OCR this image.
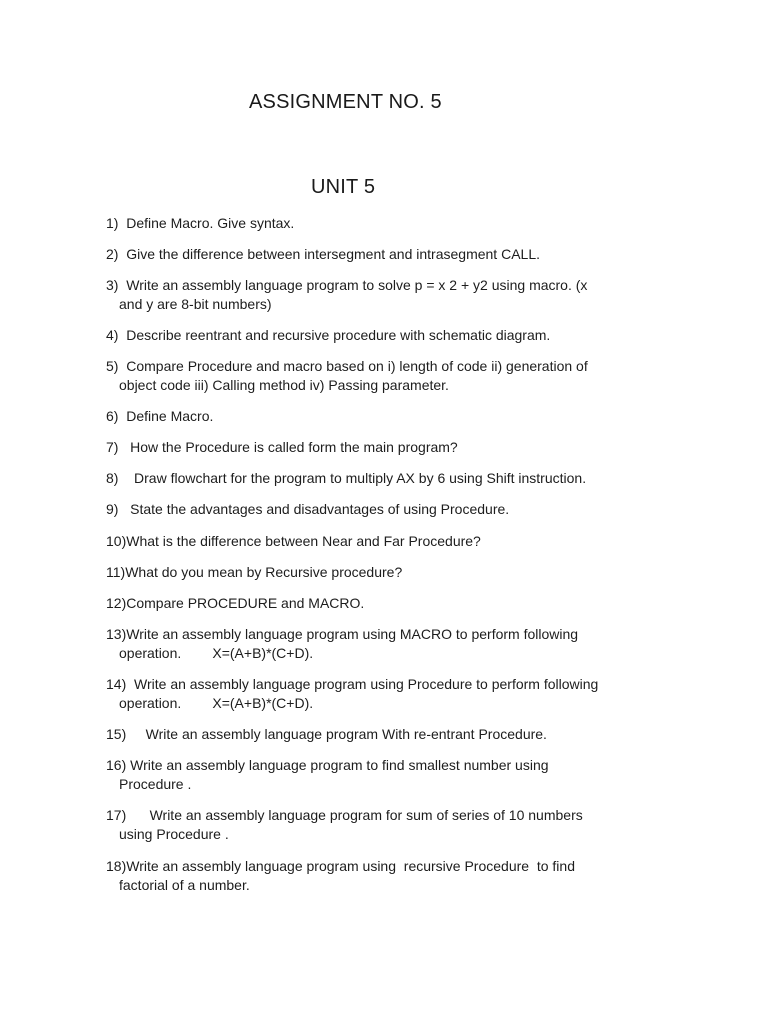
ASSIGNMENT NO. 5
UNIT 5
1)  Define Macro. Give syntax.
2)  Give the difference between intersegment and intrasegment CALL.
3)  Write an assembly language program to solve p = x 2 + y2 using macro. (x
and y are 8-bit numbers)
4)  Describe reentrant and recursive procedure with schematic diagram.
5)  Compare Procedure and macro based on i) length of code ii) generation of
object code iii) Calling method iv) Passing parameter.
6)  Define Macro.
7)   How the Procedure is called form the main program?
8)    Draw flowchart for the program to multiply AX by 6 using Shift instruction.
9)   State the advantages and disadvantages of using Procedure.
10)What is the difference between Near and Far Procedure?
11)What do you mean by Recursive procedure?
12)Compare PROCEDURE and MACRO.
13)Write an assembly language program using MACRO to perform following
operation.        X=(A+B)*(C+D).
14)  Write an assembly language program using Procedure to perform following
operation.        X=(A+B)*(C+D).
15)     Write an assembly language program With re-entrant Procedure.
16) Write an assembly language program to find smallest number using
Procedure .
17)      Write an assembly language program for sum of series of 10 numbers
using Procedure .
18)Write an assembly language program using  recursive Procedure  to find
factorial of a number.
